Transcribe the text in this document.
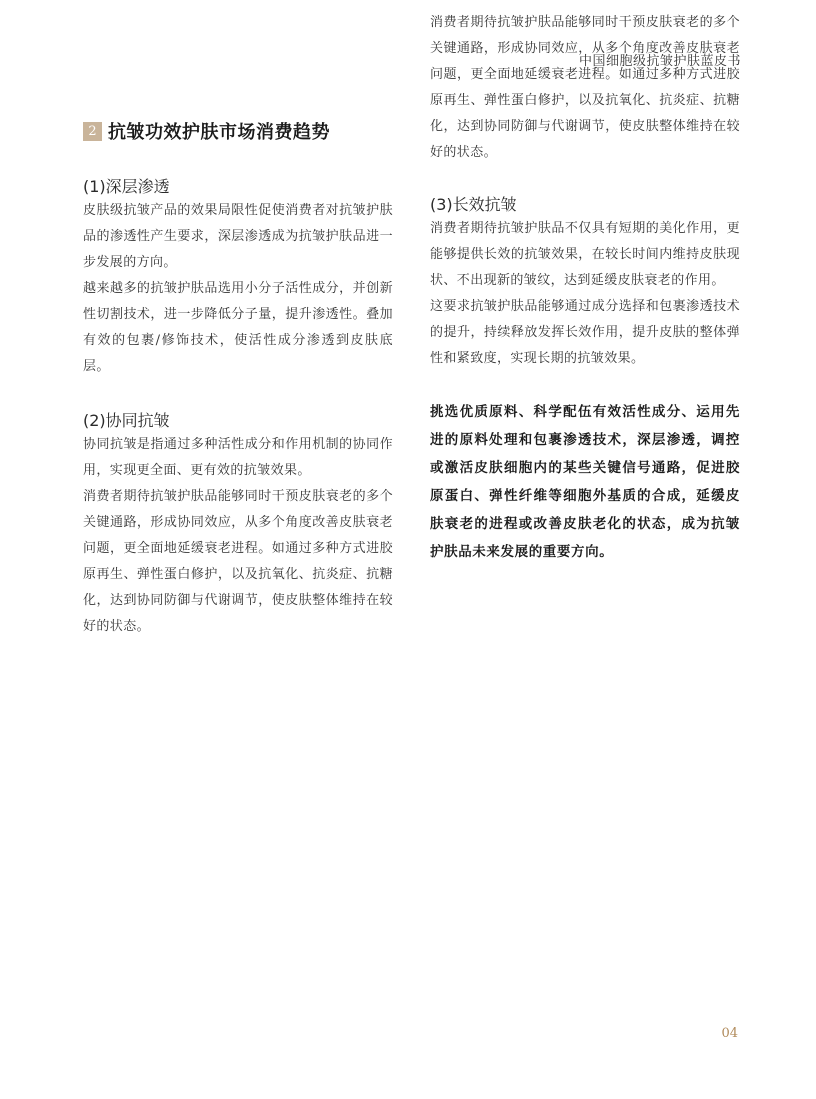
中国细胞级抗皱护肤蓝皮书
2 抗皱功效护肤市场消费趋势
(1)深层渗透
皮肤级抗皱产品的效果局限性促使消费者对抗皱护肤品的渗透性产生要求，深层渗透成为抗皱护肤品进一步发展的方向。
越来越多的抗皱护肤品选用小分子活性成分，并创新性切割技术，进一步降低分子量，提升渗透性。叠加有效的包裹/修饰技术，使活性成分渗透到皮肤底层。
(2)协同抗皱
协同抗皱是指通过多种活性成分和作用机制的协同作用，实现更全面、更有效的抗皱效果。
消费者期待抗皱护肤品能够同时干预皮肤衰老的多个关键通路，形成协同效应，从多个角度改善皮肤衰老问题，更全面地延缓衰老进程。如通过多种方式进胶原再生、弹性蛋白修护，以及抗氧化、抗炎症、抗糖化，达到协同防御与代谢调节，使皮肤整体维持在较好的状态。
消费者期待抗皱护肤品能够同时干预皮肤衰老的多个关键通路，形成协同效应，从多个角度改善皮肤衰老问题，更全面地延缓衰老进程。如通过多种方式进胶原再生、弹性蛋白修护，以及抗氧化、抗炎症、抗糖化，达到协同防御与代谢调节，使皮肤整体维持在较好的状态。
(3)长效抗皱
消费者期待抗皱护肤品不仅具有短期的美化作用，更能够提供长效的抗皱效果，在较长时间内维持皮肤现状、不出现新的皱纹，达到延缓皮肤衰老的作用。
这要求抗皱护肤品能够通过成分选择和包裹渗透技术的提升，持续释放发挥长效作用，提升皮肤的整体弹性和紧致度，实现长期的抗皱效果。
挑选优质原料、科学配伍有效活性成分、运用先进的原料处理和包裹渗透技术，深层渗透，调控或激活皮肤细胞内的某些关键信号通路，促进胶原蛋白、弹性纤维等细胞外基质的合成，延缓皮肤衰老的进程或改善皮肤老化的状态，成为抗皱护肤品未来发展的重要方向。
04
